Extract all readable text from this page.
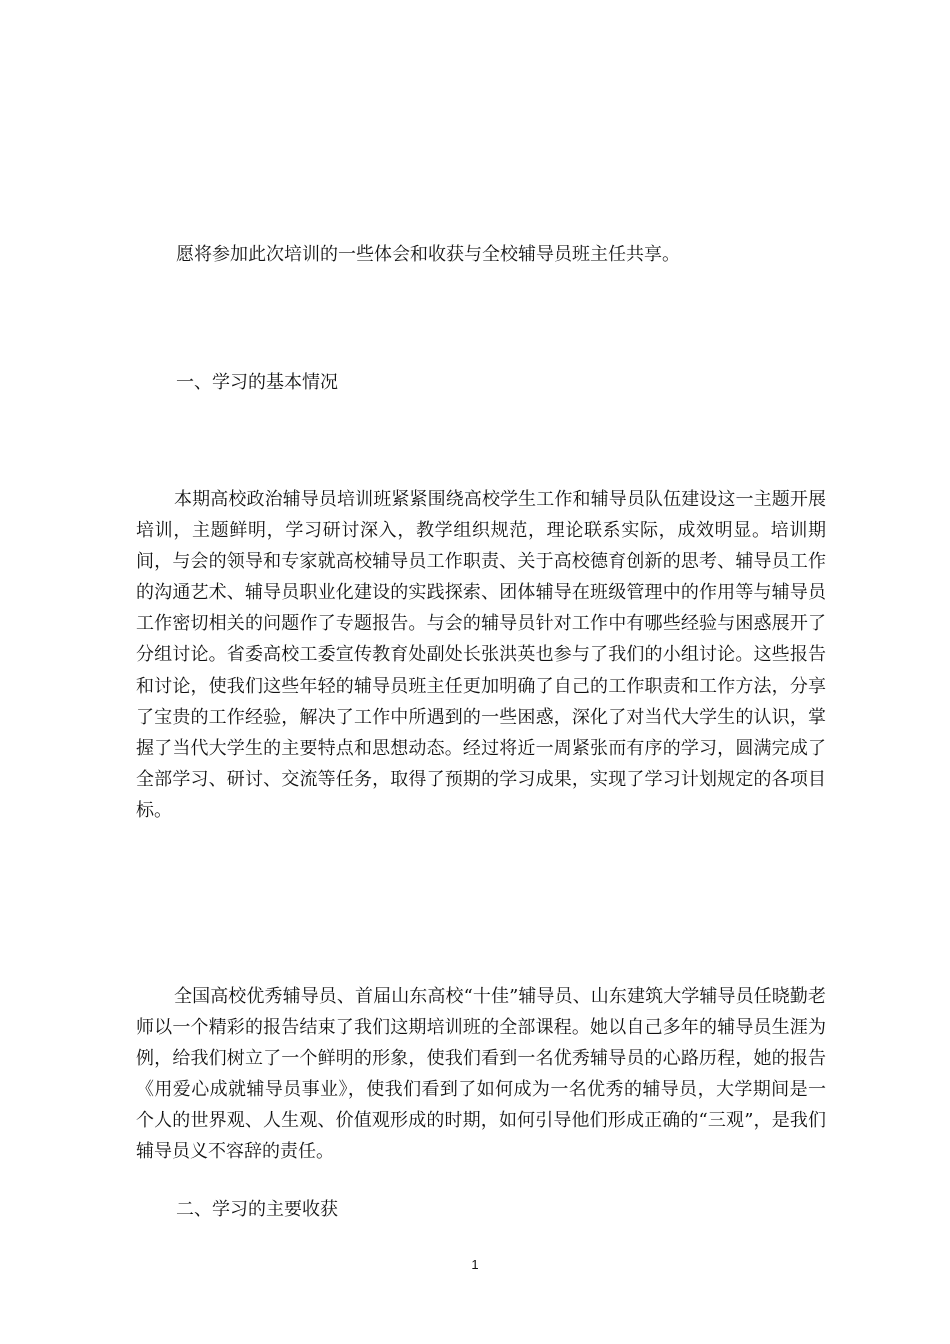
愿将参加此次培训的一些体会和收获与全校辅导员班主任共享。
一、学习的基本情况
本期高校政治辅导员培训班紧紧围绕高校学生工作和辅导员队伍建设这一主题开展培训，主题鲜明，学习研讨深入，教学组织规范，理论联系实际，成效明显。培训期间，与会的领导和专家就高校辅导员工作职责、关于高校德育创新的思考、辅导员工作的沟通艺术、辅导员职业化建设的实践探索、团体辅导在班级管理中的作用等与辅导员工作密切相关的问题作了专题报告。与会的辅导员针对工作中有哪些经验与困惑展开了分组讨论。省委高校工委宣传教育处副处长张洪英也参与了我们的小组讨论。这些报告和讨论，使我们这些年轻的辅导员班主任更加明确了自己的工作职责和工作方法，分享了宝贵的工作经验，解决了工作中所遇到的一些困惑，深化了对当代大学生的认识，掌握了当代大学生的主要特点和思想动态。经过将近一周紧张而有序的学习，圆满完成了全部学习、研讨、交流等任务，取得了预期的学习成果，实现了学习计划规定的各项目标。
全国高校优秀辅导员、首届山东高校“十佳”辅导员、山东建筑大学辅导员任晓勤老师以一个精彩的报告结束了我们这期培训班的全部课程。她以自己多年的辅导员生涯为例，给我们树立了一个鲜明的形象，使我们看到一名优秀辅导员的心路历程，她的报告《用爱心成就辅导员事业》，使我们看到了如何成为一名优秀的辅导员，大学期间是一个人的世界观、人生观、价值观形成的时期，如何引导他们形成正确的“三观”，是我们辅导员义不容辞的责任。
二、学习的主要收获
1
